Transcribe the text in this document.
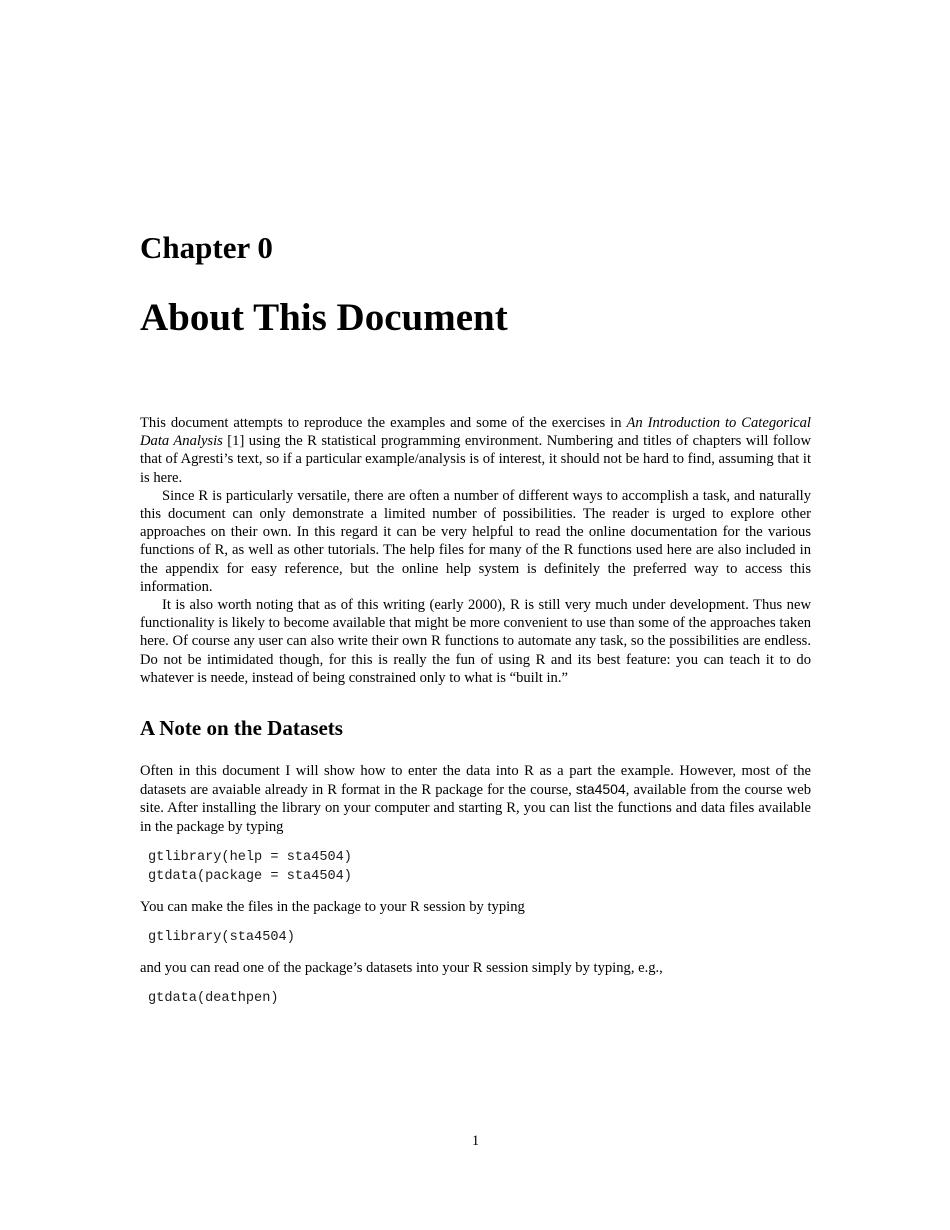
Chapter 0
About This Document

This document attempts to reproduce the examples and some of the exercises in An Introduction to Categorical Data Analysis [1] using the R statistical programming environment. Numbering and titles of chapters will follow that of Agresti’s text, so if a particular example/analysis is of interest, it should not be hard to find, assuming that it is here.

Since R is particularly versatile, there are often a number of different ways to accomplish a task, and naturally this document can only demonstrate a limited number of possibilities. The reader is urged to explore other approaches on their own. In this regard it can be very helpful to read the online documentation for the various functions of R, as well as other tutorials. The help files for many of the R functions used here are also included in the appendix for easy reference, but the online help system is definitely the preferred way to access this information.

It is also worth noting that as of this writing (early 2000), R is still very much under development. Thus new functionality is likely to become available that might be more convenient to use than some of the approaches taken here. Of course any user can also write their own R functions to automate any task, so the possibilities are endless. Do not be intimidated though, for this is really the fun of using R and its best feature: you can teach it to do whatever is neede, instead of being constrained only to what is “built in.”

A Note on the Datasets

Often in this document I will show how to enter the data into R as a part the example. However, most of the datasets are avaiable already in R format in the R package for the course, sta4504, available from the course web site. After installing the library on your computer and starting R, you can list the functions and data files available in the package by typing

gtlibrary(help = sta4504)
gtdata(package = sta4504)

You can make the files in the package to your R session by typing

gtlibrary(sta4504)

and you can read one of the package’s datasets into your R session simply by typing, e.g.,

gtdata(deathpen)
1
